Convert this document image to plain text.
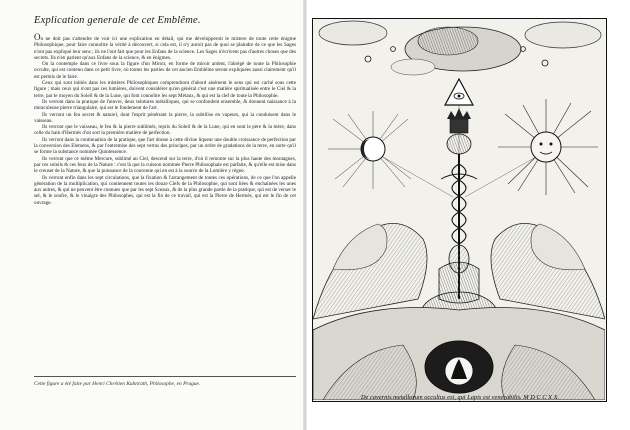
Explication generale de cet Emblême.

On ne doit pas s'attendre de voir ici une explication en détail, qui me développeroit le mistere de toute cette énigme Philosophique, pour faire connoître la vérité à découvert, si cela est, il n'y auroit pas de quoi se plaindre de ce que les Sages n'ont pas expliqué leur sens ; ils ne l'ont fait que pour les Enfans de la science. Les Sages n'écrivent pas d'autres choses que des secrets. Ils n'en parlent qu'aux Enfans de la science, & en énigmes.

On la contemple dans ce livre sous la figure d'un Miroir, en forme de miroir ardent, l'abrégé de toute la Philosophie occulte, qui est contenu dans ce petit livre, où toutes les parties de cet ancien Emblême seront expliquées aussi clairement qu'il est permis de le faire.

Ceux qui sont initiés dans les mistères Philosophiques comprendront d'abord aisément le sens qui est caché sous cette figure ; mais ceux qui n'ont pas ces lumières, doivent considérer qu'en général c'est une matière spiritualisée entre le Ciel & la terre, par le moyen du Soleil & de la Lune, qui font connoître les sept Métaux, & qui est la clef de toute la Philosophie.

Ils verront dans la pratique de l'œuvre, deux teintures métalliques, qui se confondent ensemble, & donnent naissance à la miraculeuse pierre triangulaire, qui est le fondement de l'art.

Ils verront un feu secret & naturel, dont l'esprit pénétrant la pierre, la subtilise en vapeurs, qui la conduisent dans le vaisseau.

Ils verront que le vaisseau, le feu & la pierre sublimés, repris du Soleil & de la Lune, qui en sont le père & la mère, dans celle du bain d'Hermès d'où sort la première matière de perfection.

Ils verront dans la continuation de la pratique, que l'art donne à cette divine liqueur une double croissance de perfection par la conversion des Elemens, & par l'entremise des sept vertus des principes, par un ordre de gradations de la terre, en sorte qu'il se forme la substance nommée Quintessence.

Ils verront que ce même Mercure, sublimé au Ciel, descend sur la terre, d'où il remonte sur la plus haute des montagnes, par ces soleils & ces feux de la Nature : c'est là que la cuisson nommée Pierre Philosophale est parfaite, & qu'elle est mise dans le creuset de la Nature, & que la puissance de la couronne qui en est à la source de la Lumière y règne.

Ils verront enfin dans les sept circulations, que la fixation & l'arrangement de toutes ces opérations, de ce que l'on appelle génération de la multiplication, qui contiennent toutes les douze Clefs de la Philosophie, qui sont liées & enchaînées les unes aux autres, & qui ne peuvent être connues que par les sept Sceaux, & de la plus grande partie de la pratique, qui est de verser le sel, & le soufre, & le vinaigre des Philosophes, qui est la fin de ce travail, qui est la Pierre de Hermès, qui est le fin de cet ouvrage.

Cette figure a été faite par Henri Chrétien Kuhnrath, Philosophe, en Prague.
De cavernis metallorum occultus est, qui Lapis est venerabilis. M D C C X X.
